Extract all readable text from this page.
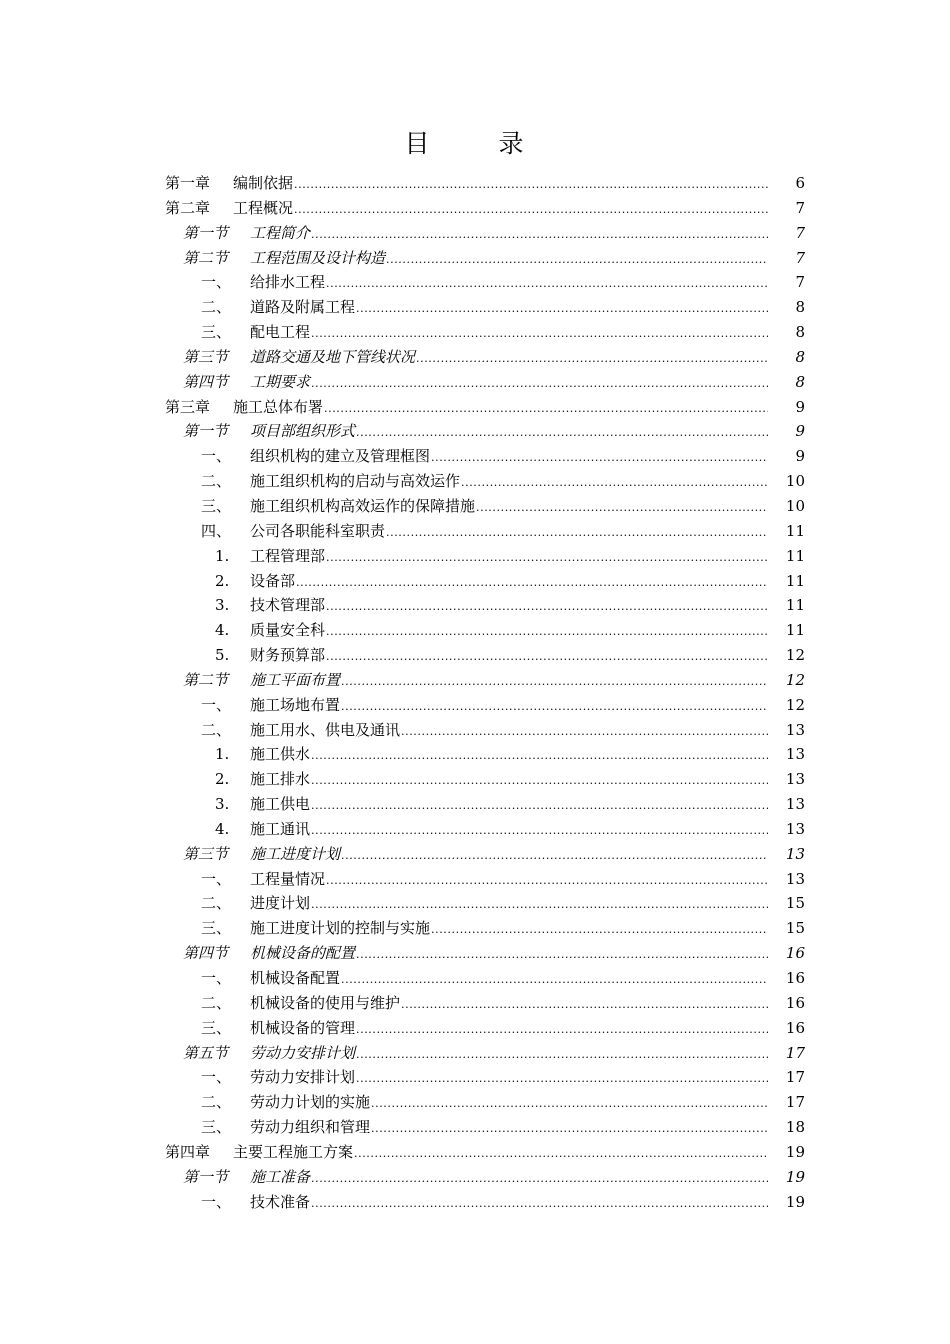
目　录
第一章 编制依据 .....	6
第二章 工程概况 .....	7
第一节 工程简介 .....	7
第二节 工程范围及设计构造 .....	7
一、 给排水工程 .....	7
二、 道路及附属工程 .....	8
三、 配电工程 .....	8
第三节 道路交通及地下管线状况 .....	8
第四节 工期要求 .....	8
第三章 施工总体布署 .....	9
第一节 项目部组织形式 .....	9
一、 组织机构的建立及管理框图 .....	9
二、 施工组织机构的启动与高效运作 .....	10
三、 施工组织机构高效运作的保障措施 .....	10
四、 公司各职能科室职责 .....	11
1. 工程管理部 .....	11
2. 设备部 .....	11
3. 技术管理部 .....	11
4. 质量安全科 .....	11
5. 财务预算部 .....	12
第二节 施工平面布置 .....	12
一、 施工场地布置 .....	12
二、 施工用水、供电及通讯 .....	13
1. 施工供水 .....	13
2. 施工排水 .....	13
3. 施工供电 .....	13
4. 施工通讯 .....	13
第三节 施工进度计划 .....	13
一、 工程量情况 .....	13
二、 进度计划 .....	15
三、 施工进度计划的控制与实施 .....	15
第四节 机械设备的配置 .....	16
一、 机械设备配置 .....	16
二、 机械设备的使用与维护 .....	16
三、 机械设备的管理 .....	16
第五节 劳动力安排计划 .....	17
一、 劳动力安排计划 .....	17
二、 劳动力计划的实施 .....	17
三、 劳动力组织和管理 .....	18
第四章 主要工程施工方案 .....	19
第一节 施工准备 .....	19
一、 技术准备 .....	19
